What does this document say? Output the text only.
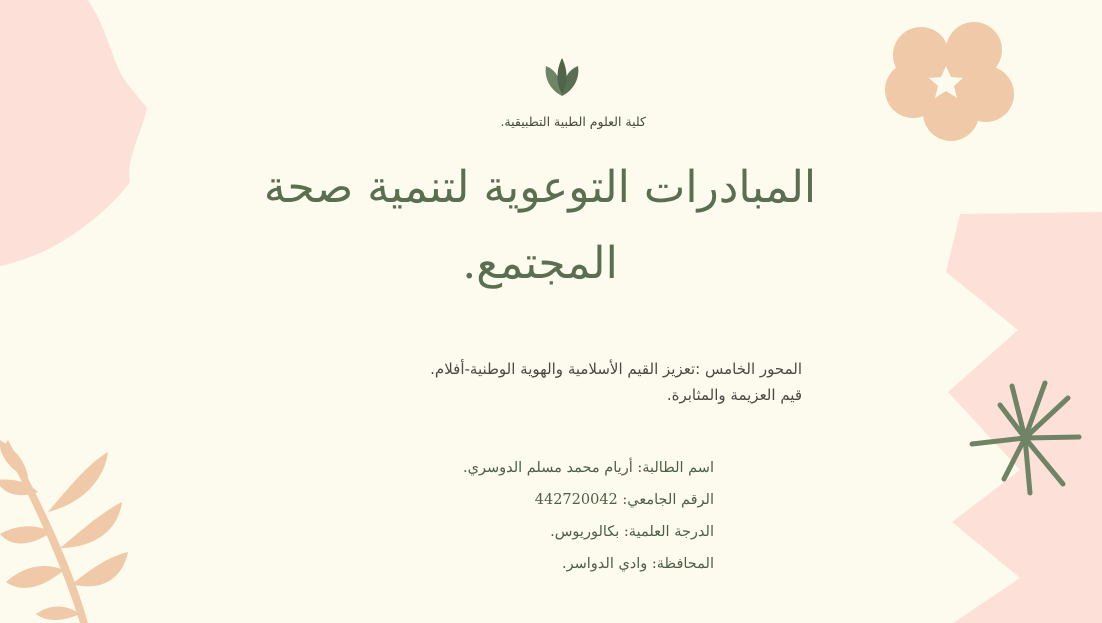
كلية العلوم الطبية التطبيقية.
المبادرات التوعوية لتنمية صحة
المجتمع.
المحور الخامس :تعزيز القيم الأسلامية والهوية الوطنية-أفلام.
قيم العزيمة والمثابرة.
اسم الطالبة: أريام محمد مسلم الدوسري.
الرقم الجامعي: 442720042
الدرجة العلمية: بكالوريوس.
المحافظة: وادي الدواسر.
